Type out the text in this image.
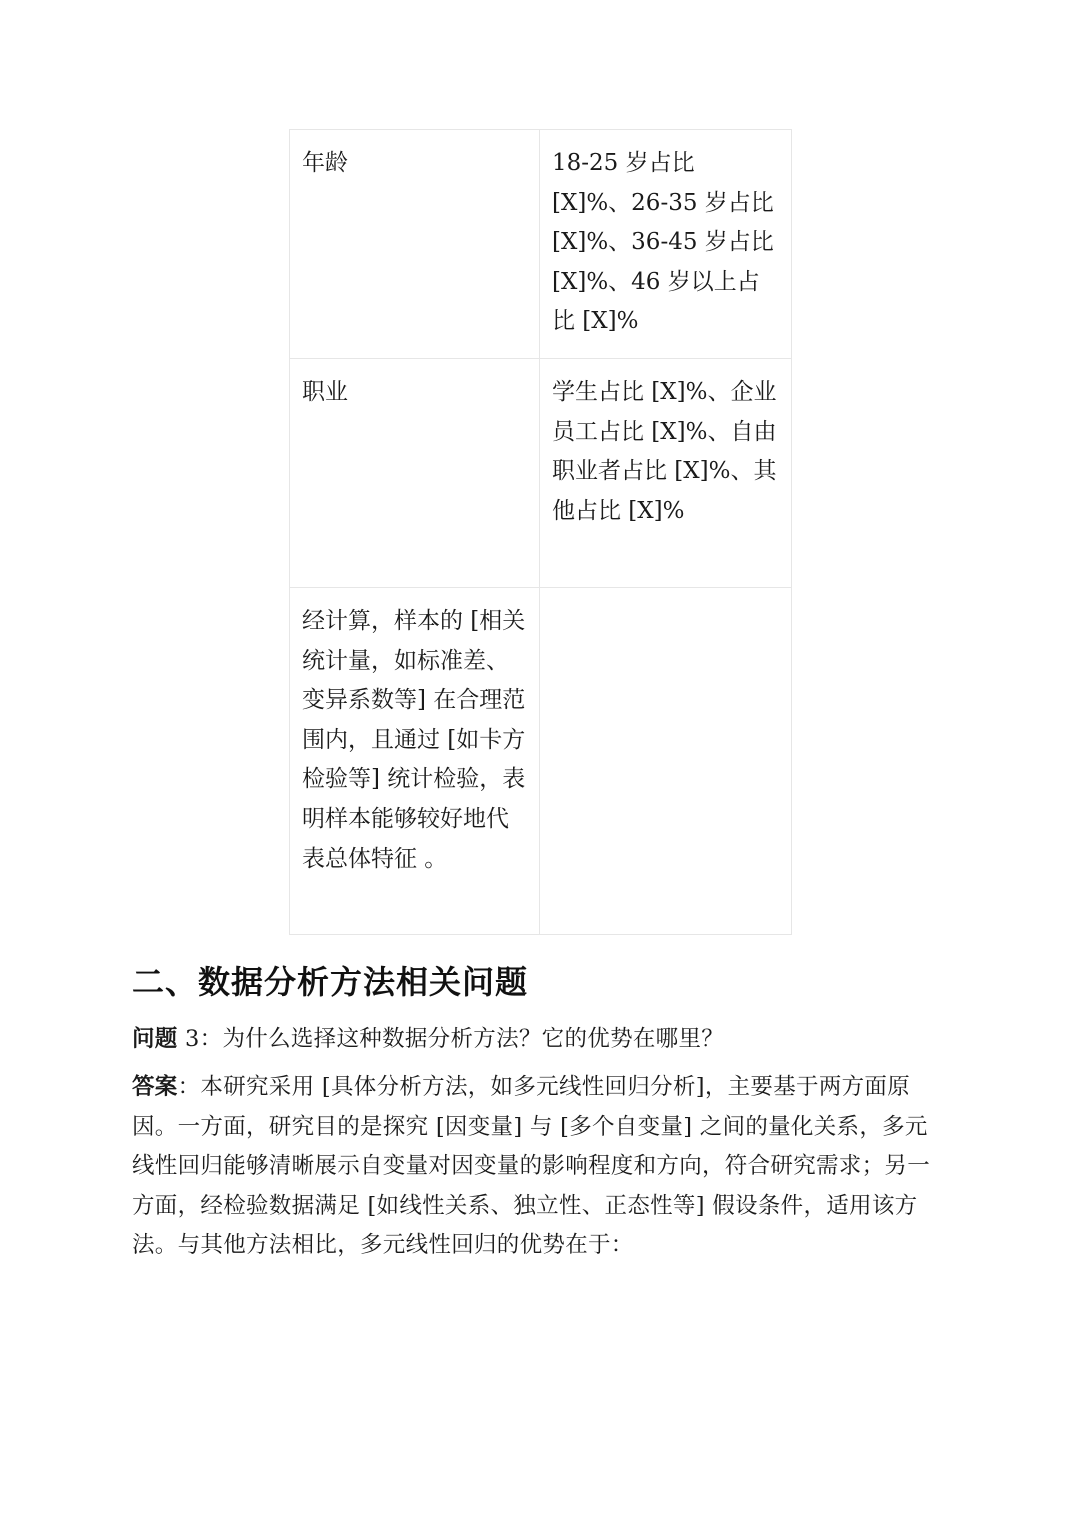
年龄	18-25 岁占比 [X]%、26-35 岁占比 [X]%、36-45 岁占比 [X]%、46 岁以上占比 [X]%
职业	学生占比 [X]%、企业员工占比 [X]%、自由职业者占比 [X]%、其他占比 [X]%
经计算，样本的 [相关统计量，如标准差、变异系数等] 在合理范围内，且通过 [如卡方检验等] 统计检验，表明样本能够较好地代表总体特征 。	
二、数据分析方法相关问题

问题 3：为什么选择这种数据分析方法？它的优势在哪里？

答案：本研究采用 [具体分析方法，如多元线性回归分析]，主要基于两方面原因。一方面，研究目的是探究 [因变量] 与 [多个自变量] 之间的量化关系，多元线性回归能够清晰展示自变量对因变量的影响程度和方向，符合研究需求；另一方面，经检验数据满足 [如线性关系、独立性、正态性等] 假设条件，适用该方法。与其他方法相比，多元线性回归的优势在于：
